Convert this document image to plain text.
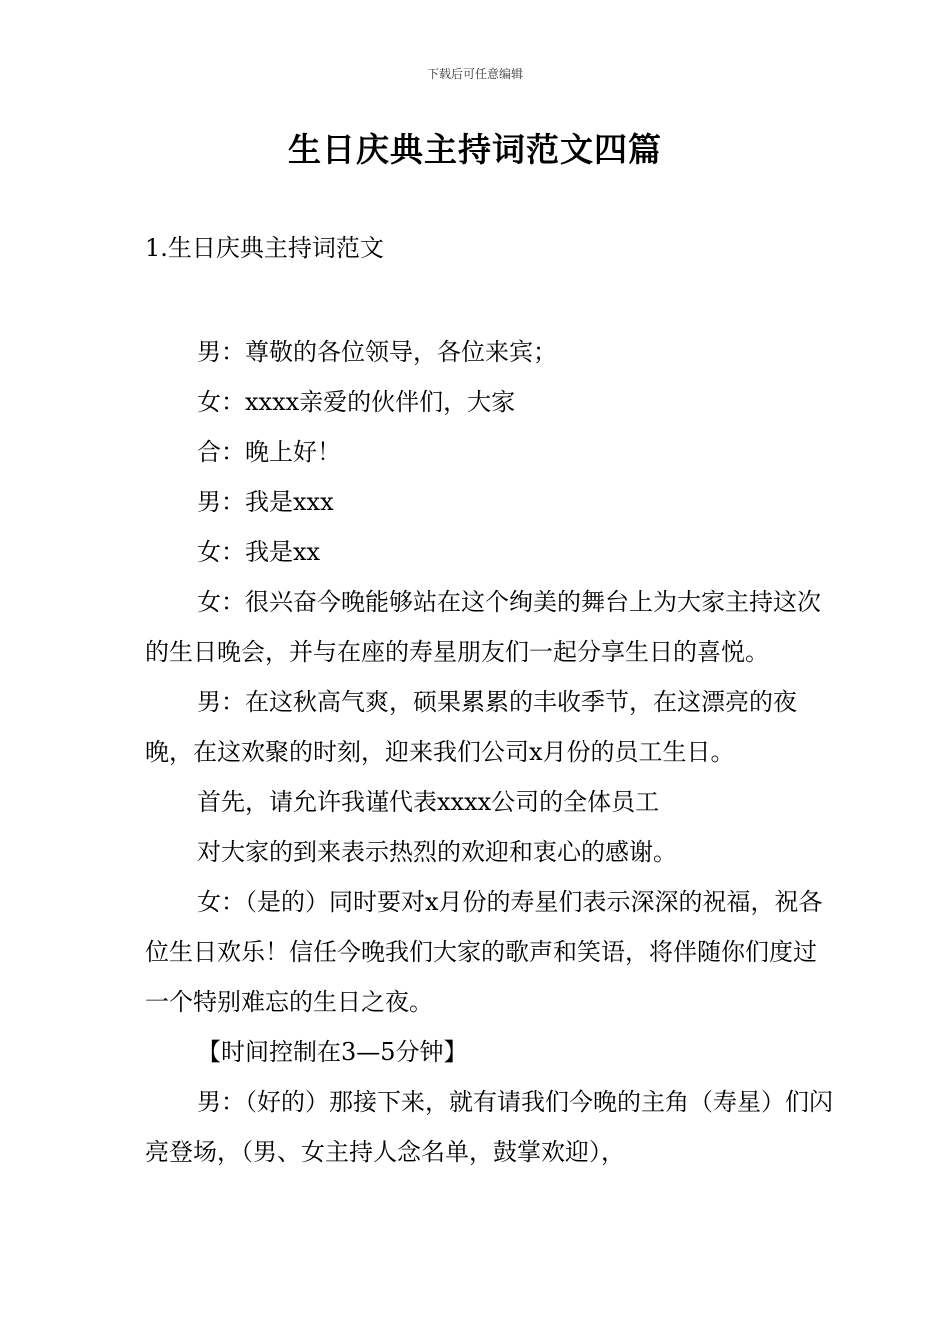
下载后可任意编辑
生日庆典主持词范文四篇
1.生日庆典主持词范文

男：尊敬的各位领导，各位来宾；

女：xxxx亲爱的伙伴们，大家

合：晚上好！

男：我是xxx

女：我是xx

女：很兴奋今晚能够站在这个绚美的舞台上为大家主持这次的生日晚会，并与在座的寿星朋友们一起分享生日的喜悦。

男：在这秋高气爽，硕果累累的丰收季节，在这漂亮的夜晚，在这欢聚的时刻，迎来我们公司x月份的员工生日。

首先，请允许我谨代表xxxx公司的全体员工

对大家的到来表示热烈的欢迎和衷心的感谢。

女：（是的）同时要对x月份的寿星们表示深深的祝福，祝各位生日欢乐！信任今晚我们大家的歌声和笑语，将伴随你们度过一个特别难忘的生日之夜。

【时间控制在3—5分钟】

男：（好的）那接下来，就有请我们今晚的主角（寿星）们闪亮登场，（男、女主持人念名单，鼓掌欢迎），
